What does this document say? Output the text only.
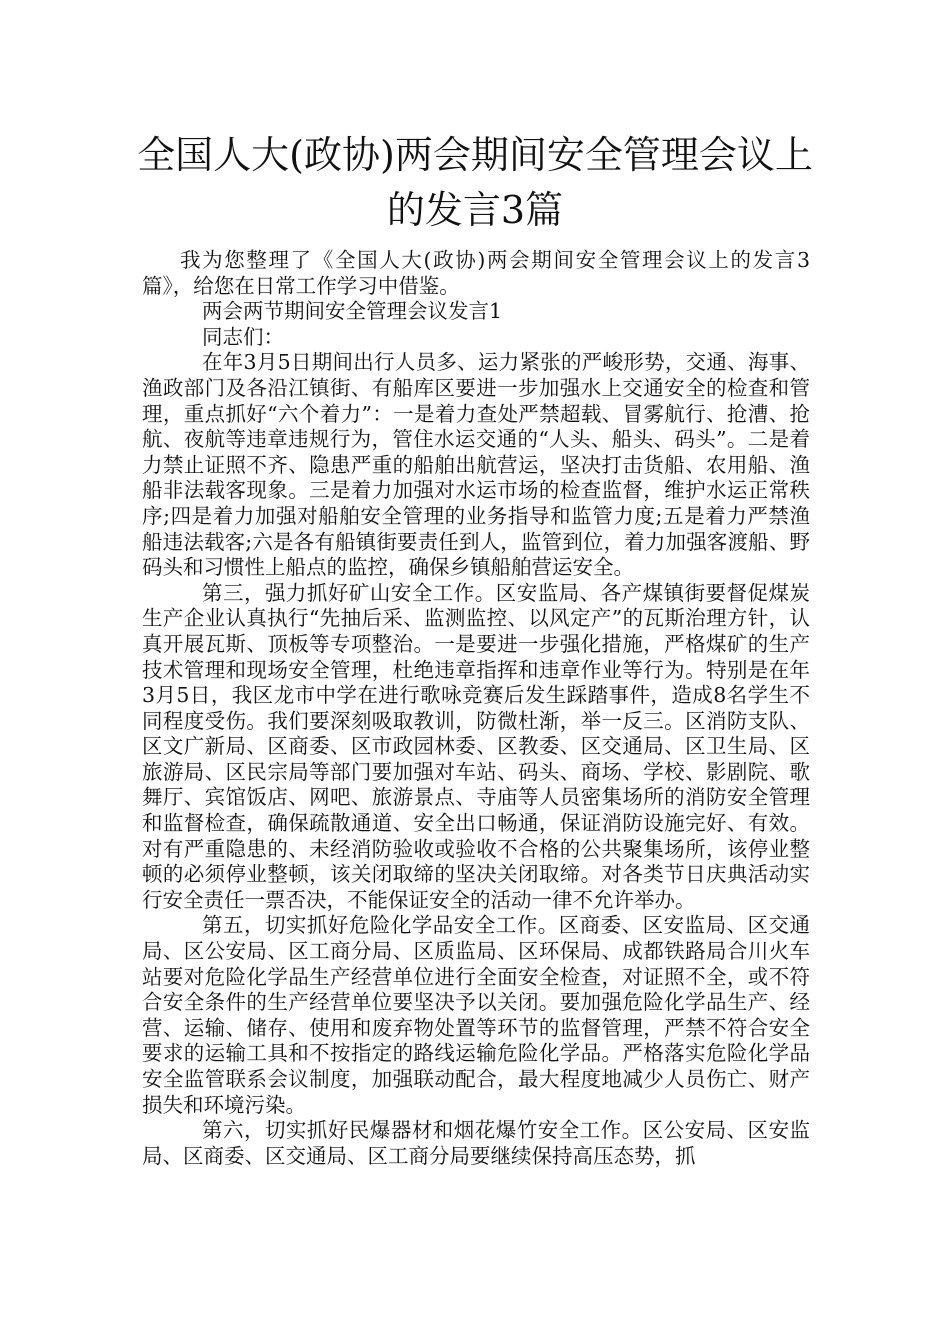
全国人大(政协)两会期间安全管理会议上的发言3篇

我为您整理了《全国人大(政协)两会期间安全管理会议上的发言3篇》，给您在日常工作学习中借鉴。

两会两节期间安全管理会议发言1

同志们：

在年3月5日期间出行人员多、运力紧张的严峻形势，交通、海事、渔政部门及各沿江镇街、有船库区要进一步加强水上交通安全的检查和管理，重点抓好“六个着力”：一是着力查处严禁超载、冒雾航行、抢漕、抢航、夜航等违章违规行为，管住水运交通的“人头、船头、码头”。二是着力禁止证照不齐、隐患严重的船舶出航营运，坚决打击货船、农用船、渔船非法载客现象。三是着力加强对水运市场的检查监督，维护水运正常秩序;四是着力加强对船舶安全管理的业务指导和监管力度;五是着力严禁渔船违法载客;六是各有船镇街要责任到人，监管到位，着力加强客渡船、野码头和习惯性上船点的监控，确保乡镇船舶营运安全。

第三，强力抓好矿山安全工作。区安监局、各产煤镇街要督促煤炭生产企业认真执行“先抽后采、监测监控、以风定产”的瓦斯治理方针，认真开展瓦斯、顶板等专项整治。一是要进一步强化措施，严格煤矿的生产技术管理和现场安全管理，杜绝违章指挥和违章作业等行为。特别是在年3月5日，我区龙市中学在进行歌咏竞赛后发生踩踏事件，造成8名学生不同程度受伤。我们要深刻吸取教训，防微杜渐，举一反三。区消防支队、区文广新局、区商委、区市政园林委、区教委、区交通局、区卫生局、区旅游局、区民宗局等部门要加强对车站、码头、商场、学校、影剧院、歌舞厅、宾馆饭店、网吧、旅游景点、寺庙等人员密集场所的消防安全管理和监督检查，确保疏散通道、安全出口畅通，保证消防设施完好、有效。对有严重隐患的、未经消防验收或验收不合格的公共聚集场所，该停业整顿的必须停业整顿，该关闭取缔的坚决关闭取缔。对各类节日庆典活动实行安全责任一票否决，不能保证安全的活动一律不允许举办。

第五，切实抓好危险化学品安全工作。区商委、区安监局、区交通局、区公安局、区工商分局、区质监局、区环保局、成都铁路局合川火车站要对危险化学品生产经营单位进行全面安全检查，对证照不全，或不符合安全条件的生产经营单位要坚决予以关闭。要加强危险化学品生产、经营、运输、储存、使用和废弃物处置等环节的监督管理，严禁不符合安全要求的运输工具和不按指定的路线运输危险化学品。严格落实危险化学品安全监管联系会议制度，加强联动配合，最大程度地减少人员伤亡、财产损失和环境污染。

第六，切实抓好民爆器材和烟花爆竹安全工作。区公安局、区安监局、区商委、区交通局、区工商分局要继续保持高压态势，抓
